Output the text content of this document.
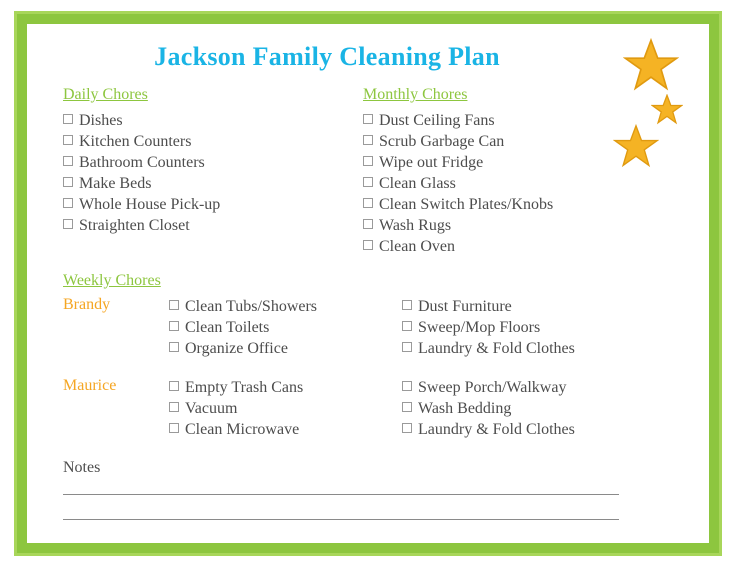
Jackson Family Cleaning Plan
Daily Chores
Dishes
Kitchen Counters
Bathroom Counters
Make Beds
Whole House Pick-up
Straighten Closet
Monthly Chores
Dust Ceiling Fans
Scrub Garbage Can
Wipe out Fridge
Clean Glass
Clean Switch Plates/Knobs
Wash Rugs
Clean Oven
Weekly Chores
Brandy	Clean Tubs/Showers
Clean Toilets
Organize Office
Dust Furniture
Sweep/Mop Floors
Laundry & Fold Clothes
Maurice	Empty Trash Cans
Vacuum
Clean Microwave
Sweep Porch/Walkway
Wash Bedding
Laundry & Fold Clothes
Notes
